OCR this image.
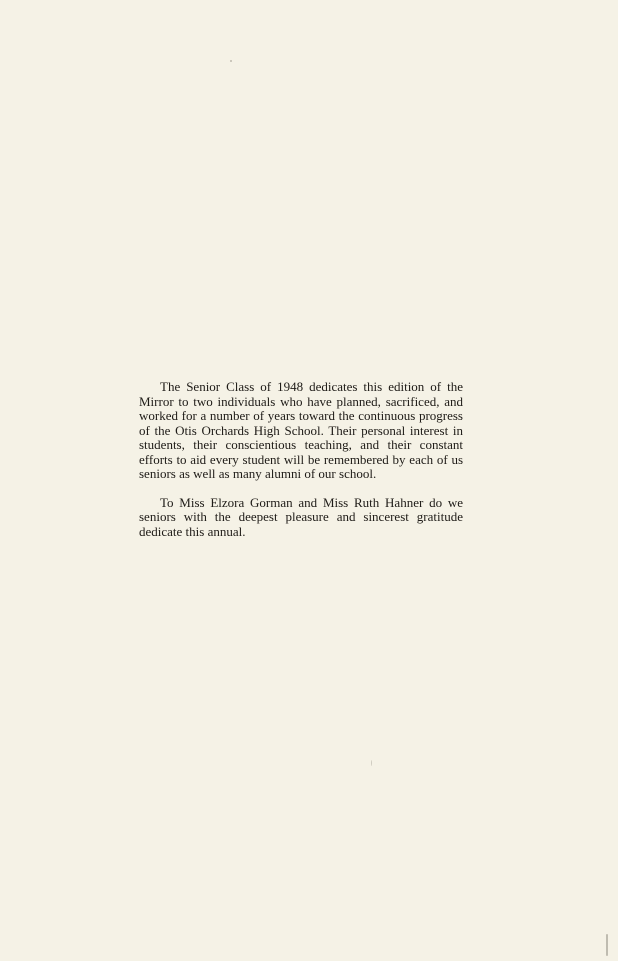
The Senior Class of 1948 dedicates this edition of the Mirror to two individuals who have planned, sacrificed, and worked for a number of years toward the continuous progress of the Otis Orchards High School. Their personal interest in students, their conscientious teaching, and their constant efforts to aid every student will be remembered by each of us seniors as well as many alumni of our school.

To Miss Elzora Gorman and Miss Ruth Hahner do we seniors with the deepest pleasure and sincerest gratitude dedicate this annual.
